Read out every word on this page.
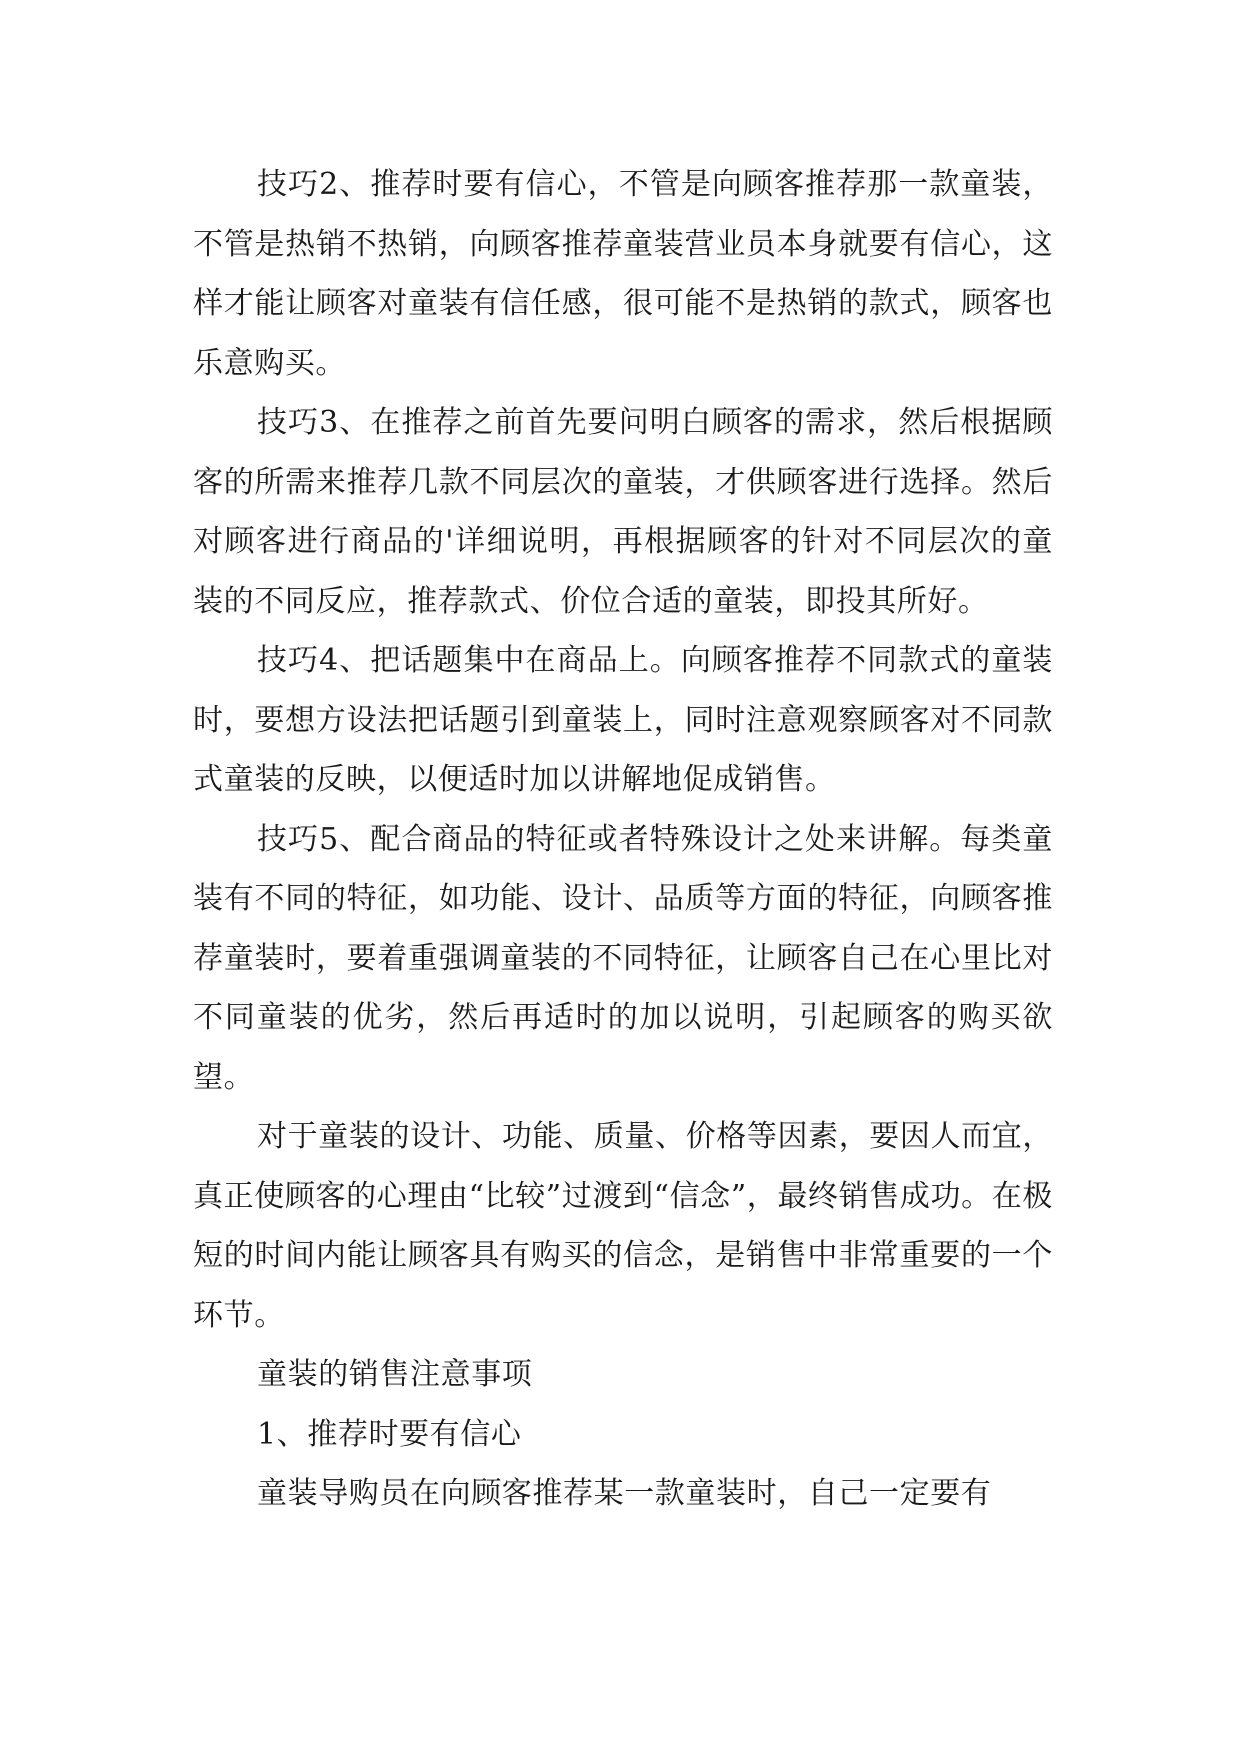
技巧2、推荐时要有信心，不管是向顾客推荐那一款童装，不管是热销不热销，向顾客推荐童装营业员本身就要有信心，这样才能让顾客对童装有信任感，很可能不是热销的款式，顾客也乐意购买。

技巧3、在推荐之前首先要问明白顾客的需求，然后根据顾客的所需来推荐几款不同层次的童装，才供顾客进行选择。然后对顾客进行商品的'详细说明，再根据顾客的针对不同层次的童装的不同反应，推荐款式、价位合适的童装，即投其所好。

技巧4、把话题集中在商品上。向顾客推荐不同款式的童装时，要想方设法把话题引到童装上，同时注意观察顾客对不同款式童装的反映，以便适时加以讲解地促成销售。

技巧5、配合商品的特征或者特殊设计之处来讲解。每类童装有不同的特征，如功能、设计、品质等方面的特征，向顾客推荐童装时，要着重强调童装的不同特征，让顾客自己在心里比对不同童装的优劣，然后再适时的加以说明，引起顾客的购买欲望。

对于童装的设计、功能、质量、价格等因素，要因人而宜，真正使顾客的心理由“比较”过渡到“信念”，最终销售成功。在极短的时间内能让顾客具有购买的信念，是销售中非常重要的一个环节。

童装的销售注意事项

1、推荐时要有信心

童装导购员在向顾客推荐某一款童装时，自己一定要有
